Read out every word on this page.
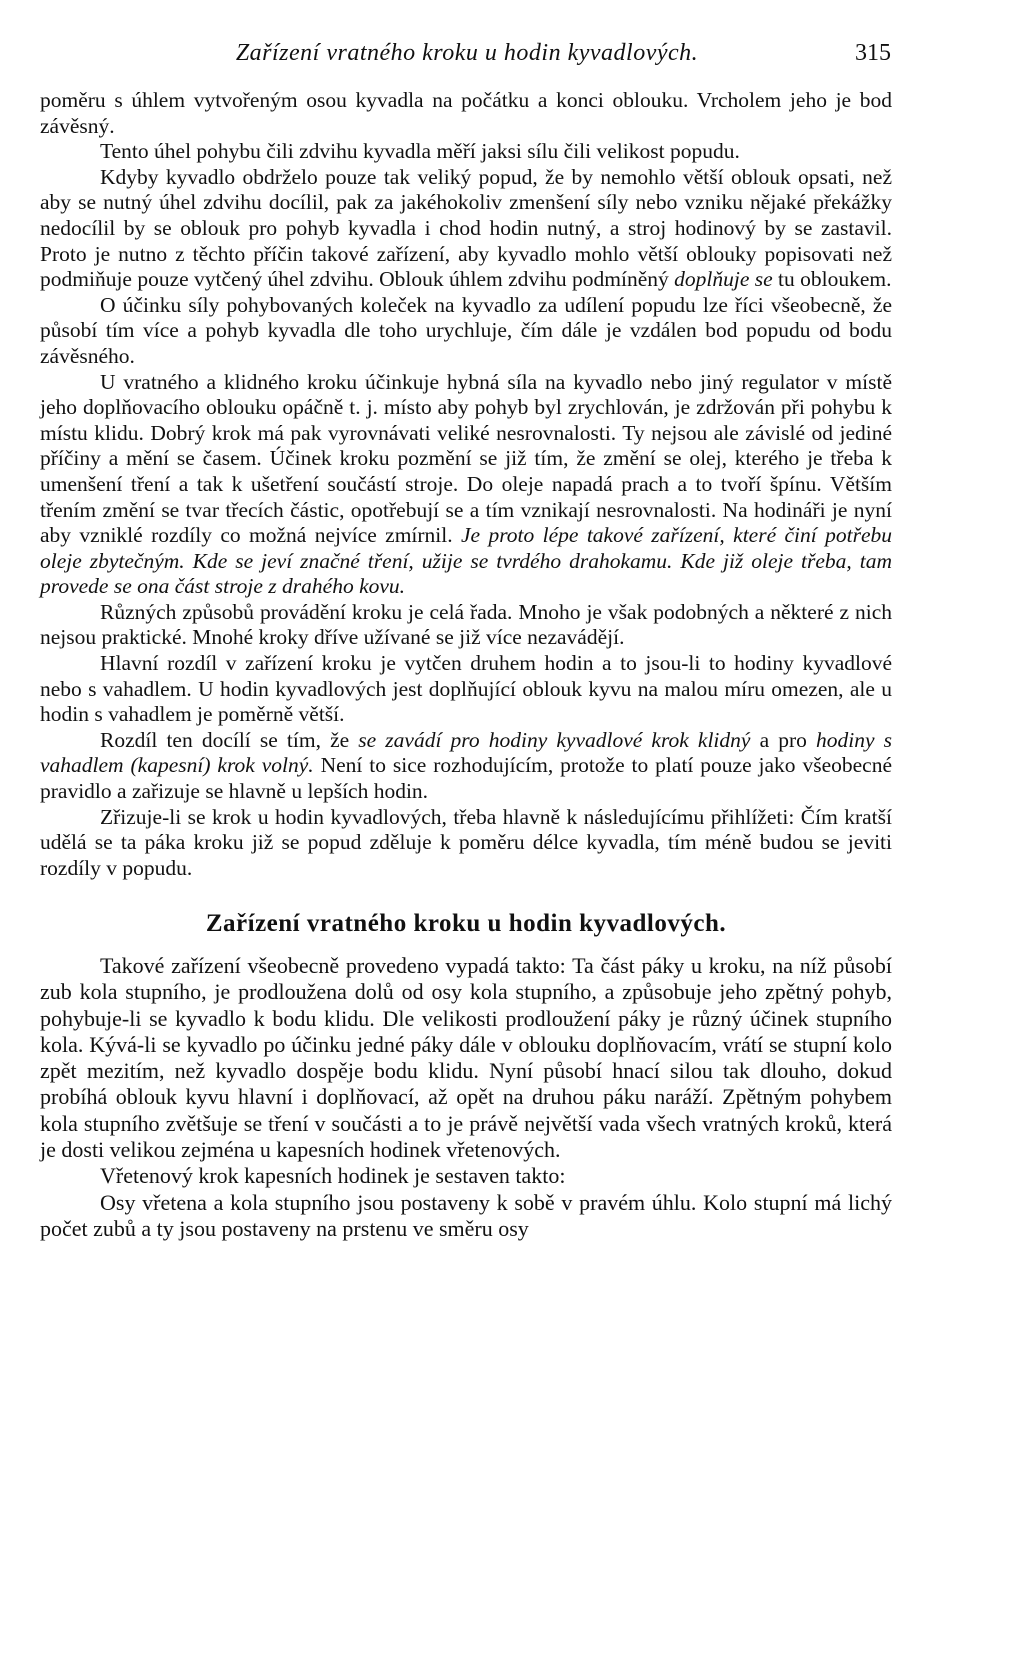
Zařízení vratného kroku u hodin kyvadlových.	315

poměru s úhlem vytvořeným osou kyvadla na počátku a konci oblouku. Vrcholem jeho je bod závěsný.

Tento úhel pohybu čili zdvihu kyvadla měří jaksi sílu čili velikost popudu.

Kdyby kyvadlo obdrželo pouze tak veliký popud, že by nemohlo větší oblouk opsati, než aby se nutný úhel zdvihu docílil, pak za jakéhokoliv zmenšení síly nebo vzniku nějaké překážky nedocílil by se oblouk pro pohyb kyvadla i chod hodin nutný, a stroj hodinový by se zastavil. Proto je nutno z těchto příčin takové zařízení, aby kyvadlo mohlo větší oblouky popisovati než podmiňuje pouze vytčený úhel zdvihu. Oblouk úhlem zdvihu podmíněný doplňuje se tu obloukem.

O účinku síly pohybovaných koleček na kyvadlo za udílení popudu lze říci všeobecně, že působí tím více a pohyb kyvadla dle toho urychluje, čím dále je vzdálen bod popudu od bodu závěsného.

U vratného a klidného kroku účinkuje hybná síla na kyvadlo nebo jiný regulator v místě jeho doplňovacího oblouku opáčně t. j. místo aby pohyb byl zrychlován, je zdržován při pohybu k místu klidu. Dobrý krok má pak vyrovnávati veliké nesrovnalosti. Ty nejsou ale závislé od jediné příčiny a mění se časem. Účinek kroku pozmění se již tím, že změní se olej, kterého je třeba k umenšení tření a tak k ušetření součástí stroje. Do oleje napadá prach a to tvoří špínu. Větším třením změní se tvar třecích částic, opotřebují se a tím vznikají nesrovnalosti. Na hodináři je nyní aby vzniklé rozdíly co možná nejvíce zmírnil. Je proto lépe takové zařízení, které činí potřebu oleje zbytečným. Kde se jeví značné tření, užije se tvrdého drahokamu. Kde již oleje třeba, tam provede se ona část stroje z drahého kovu.

Různých způsobů provádění kroku je celá řada. Mnoho je však podobných a některé z nich nejsou praktické. Mnohé kroky dříve užívané se již více nezavádějí.

Hlavní rozdíl v zařízení kroku je vytčen druhem hodin a to jsou-li to hodiny kyvadlové nebo s vahadlem. U hodin kyvadlových jest doplňující oblouk kyvu na malou míru omezen, ale u hodin s vahadlem je poměrně větší.

Rozdíl ten docílí se tím, že se zavádí pro hodiny kyvadlové krok klidný a pro hodiny s vahadlem (kapesní) krok volný. Není to sice rozhodujícím, protože to platí pouze jako všeobecné pravidlo a zařizuje se hlavně u lepších hodin.

Zřizuje-li se krok u hodin kyvadlových, třeba hlavně k následujícímu přihlížeti: Čím kratší udělá se ta páka kroku již se popud zděluje k poměru délce kyvadla, tím méně budou se jeviti rozdíly v popudu.

Zařízení vratného kroku u hodin kyvadlových.

Takové zařízení všeobecně provedeno vypadá takto: Ta část páky u kroku, na níž působí zub kola stupního, je prodloužena dolů od osy kola stupního, a způsobuje jeho zpětný pohyb, pohybuje-li se kyvadlo k bodu klidu. Dle velikosti prodloužení páky je různý účinek stupního kola. Kývá-li se kyvadlo po účinku jedné páky dále v oblouku doplňovacím, vrátí se stupní kolo zpět mezitím, než kyvadlo dospěje bodu klidu. Nyní působí hnací silou tak dlouho, dokud probíhá oblouk kyvu hlavní i doplňovací, až opět na druhou páku naráží. Zpětným pohybem kola stupního zvětšuje se tření v součásti a to je právě největší vada všech vratných kroků, která je dosti velikou zejména u kapesních hodinek vřetenových.

Vřetenový krok kapesních hodinek je sestaven takto:

Osy vřetena a kola stupního jsou postaveny k sobě v pravém úhlu. Kolo stupní má lichý počet zubů a ty jsou postaveny na prstenu ve směru osy
